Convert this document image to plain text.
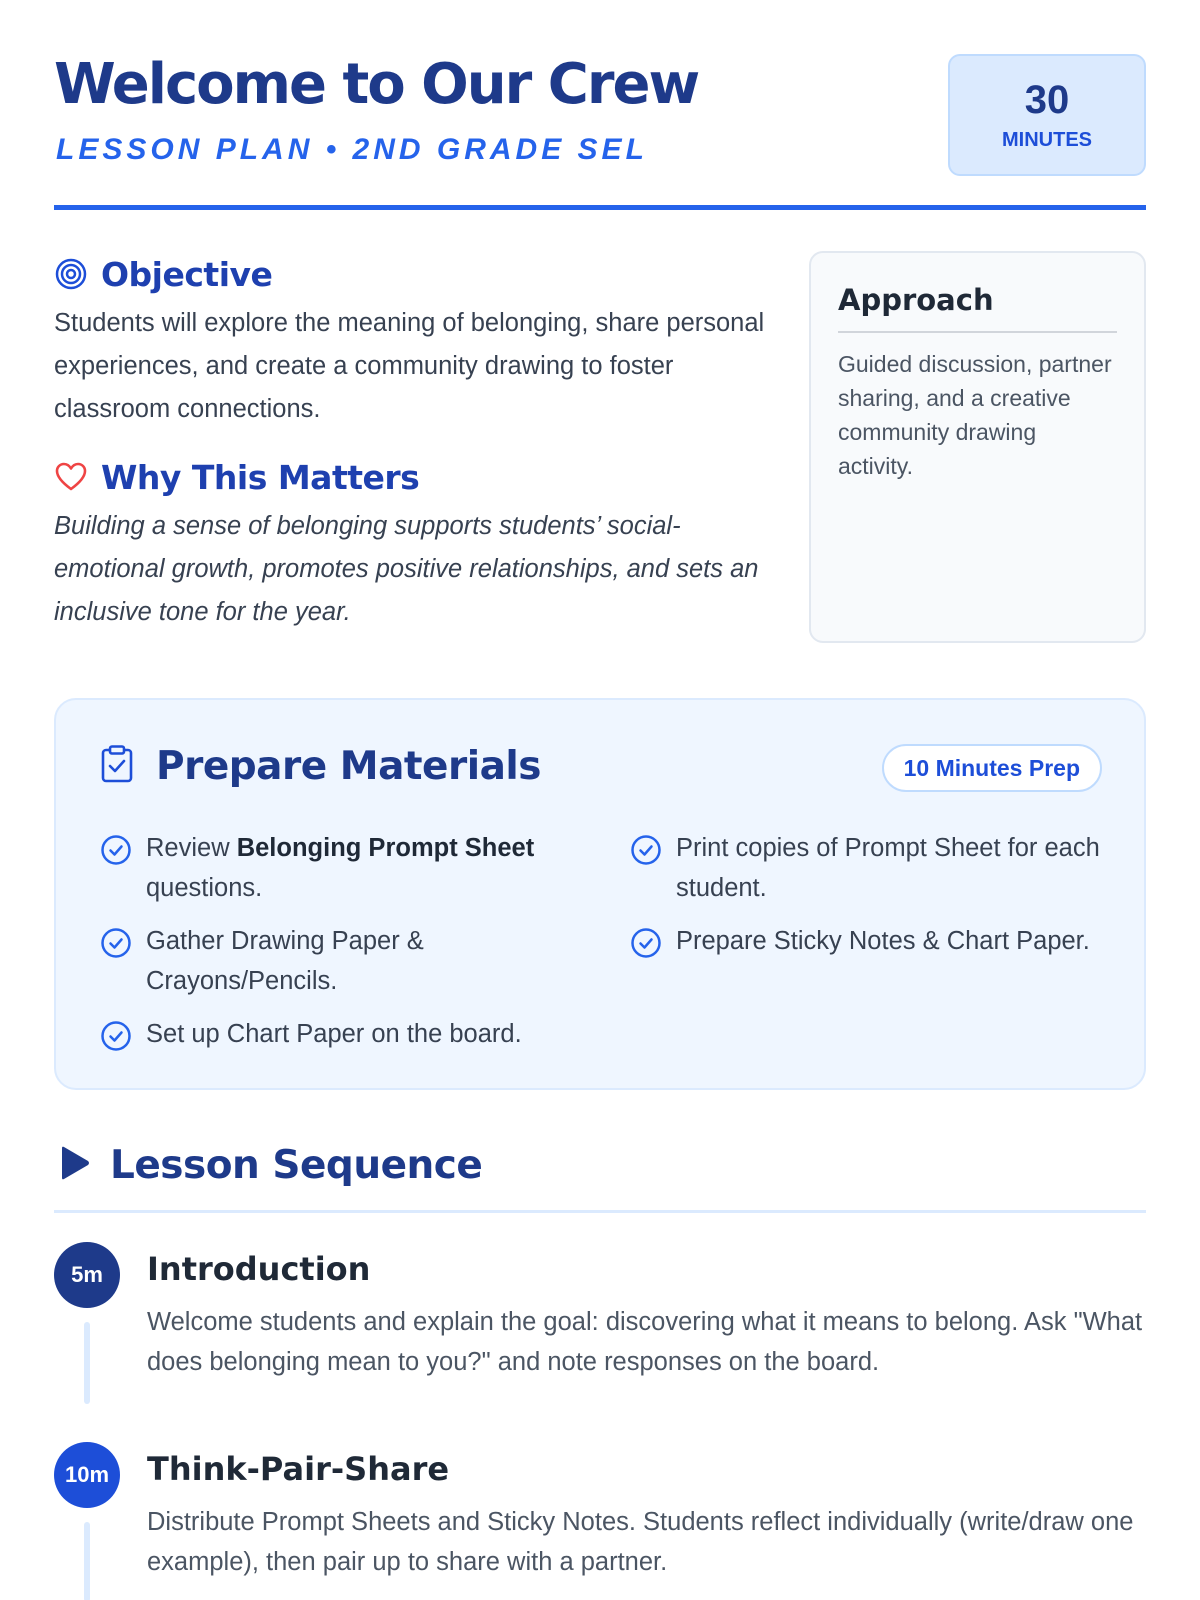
Welcome to Our Crew
LESSON PLAN • 2ND GRADE SEL
30
MINUTES
Objective

Students will explore the meaning of belonging, share personal experiences, and create a community drawing to foster classroom connections.

Why This Matters

Building a sense of belonging supports students’ social-emotional growth, promotes positive relationships, and sets an inclusive tone for the year.

Approach

Guided discussion, partner sharing, and a creative community drawing activity.

Prepare Materials	10 Minutes Prep
Review Belonging Prompt Sheet questions.
Gather Drawing Paper & Crayons/Pencils.
Set up Chart Paper on the board.
Print copies of Prompt Sheet for each student.
Prepare Sticky Notes & Chart Paper.
Lesson Sequence
5m	Introduction

Welcome students and explain the goal: discovering what it means to belong. Ask "What does belonging mean to you?" and note responses on the board.

10m	Think-Pair-Share

Distribute Prompt Sheets and Sticky Notes. Students reflect individually (write/draw one example), then pair up to share with a partner.
